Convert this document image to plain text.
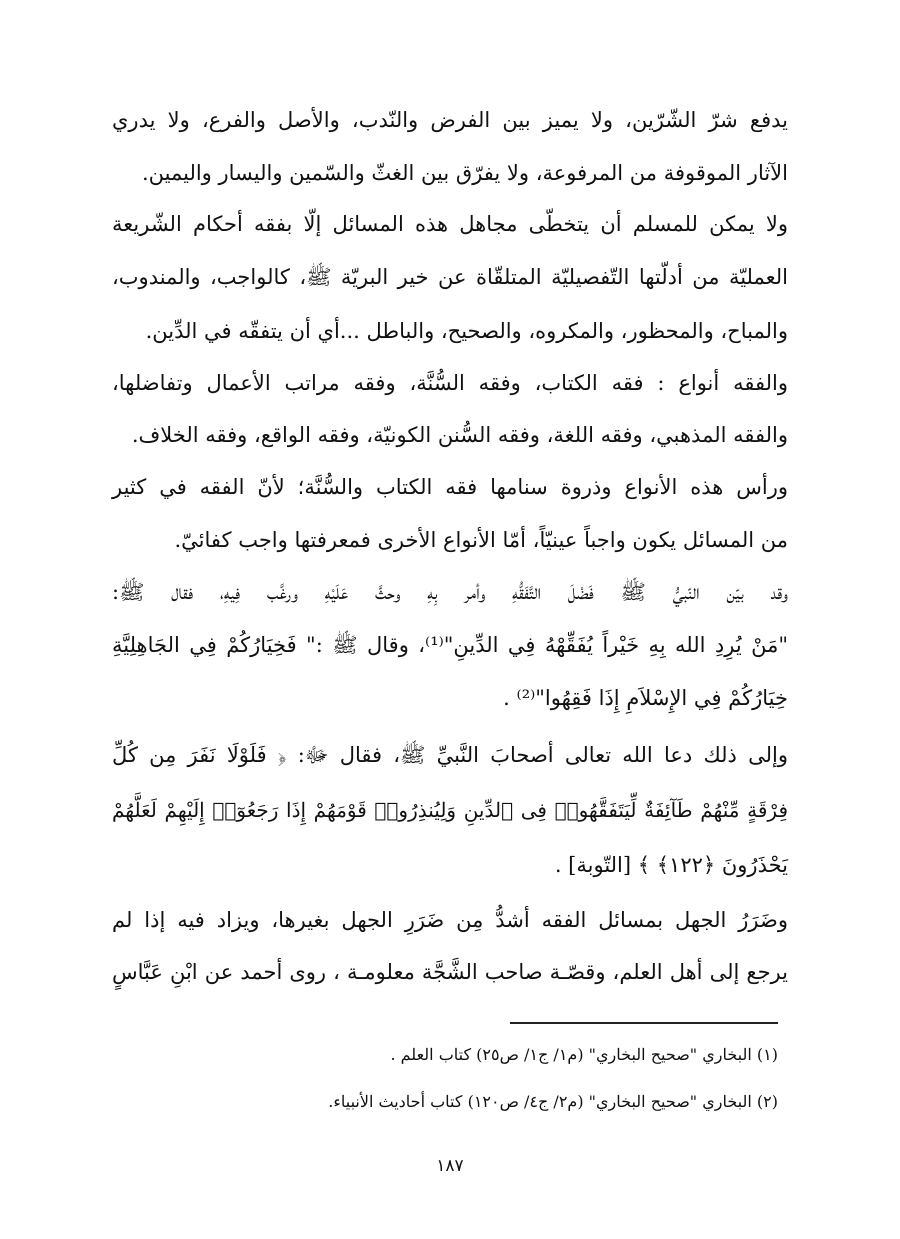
يدفع شرّ الشّرّين، ولا يميز بين الفرض والنّدب، والأصل والفرع، ولا يدري
الآثار الموقوفة من المرفوعة، ولا يفرّق بين الغثّ والسّمين واليسار واليمين.
ولا يمكن للمسلم أن يتخطّى مجاهل هذه المسائل إلّا بفقه أحكام الشّريعة
العمليّة من أدلّتها التّفصيليّة المتلقّاة عن خير البريّة ﷺ، كالواجب، والمندوب،
والمباح، والمحظور، والمكروه، والصحيح، والباطل ...أي أن يتفقّه في الدِّين.
والفقه أنواع : فقه الكتاب، وفقه السُّنَّة، وفقه مراتب الأعمال وتفاضلها،
والفقه المذهبي، وفقه اللغة، وفقه السُّنن الكونيّة، وفقه الواقع، وفقه الخلاف.
ورأس هذه الأنواع وذروة سنامها فقه الكتاب والسُّنَّة؛ لأنّ الفقه في كثير
من المسائل يكون واجباً عينيّاً، أمّا الأنواع الأخرى فمعرفتها واجب كفائيّ.
وقد بيّن النّبيُّ ﷺ فَضْلَ التَّفَقُّهِ وأمر بِهِ وحثَّ عَلَيْهِ ورغَّب فِيهِ، فقال ﷺ:
"مَنْ يُرِدِ الله بِهِ خَيْراً يُفَقِّهْهُ فِي الدِّينِ"⁽¹⁾، وقال ﷺ :" فَخِيَارُكُمْ فِي الجَاهِلِيَّةِ
خِيَارُكُمْ فِي الإِسْلاَمِ إِذَا فَقِهُوا"⁽²⁾ .
وإلى ذلك دعا الله تعالى أصحابَ النَّبيِّ ﷺ، فقال ﷻ: ﴿ فَلَوْلَا نَفَرَ مِن كُلِّ
فِرْقَةٍ مِّنْهُمْ طَآئِفَةٌ لِّيَتَفَقَّهُوا۟ فِى ٱلدِّينِ وَلِيُنذِرُوا۟ قَوْمَهُمْ إِذَا رَجَعُوٓا۟ إِلَيْهِمْ لَعَلَّهُمْ
يَحْذَرُونَ ﴿١٢٢﴾ ﴾ [التّوبة] .
وضَرَرُ الجهل بمسائل الفقه أشدُّ مِن ضَرَرِ الجهل بغيرها، ويزاد فيه إذا لم
يرجع إلى أهل العلم، وقصّـة صاحب الشَّجَّة معلومـة ، روى أحمد عن ابْنِ عَبَّاسٍ
(١) البخاري "صحيح البخاري" (م١/ ج١/ ص٢٥) كتاب العلم .
(٢) البخاري "صحيح البخاري" (م٢/ ج٤/ ص١٢٠) كتاب أحاديث الأنبياء.
١٨٧
